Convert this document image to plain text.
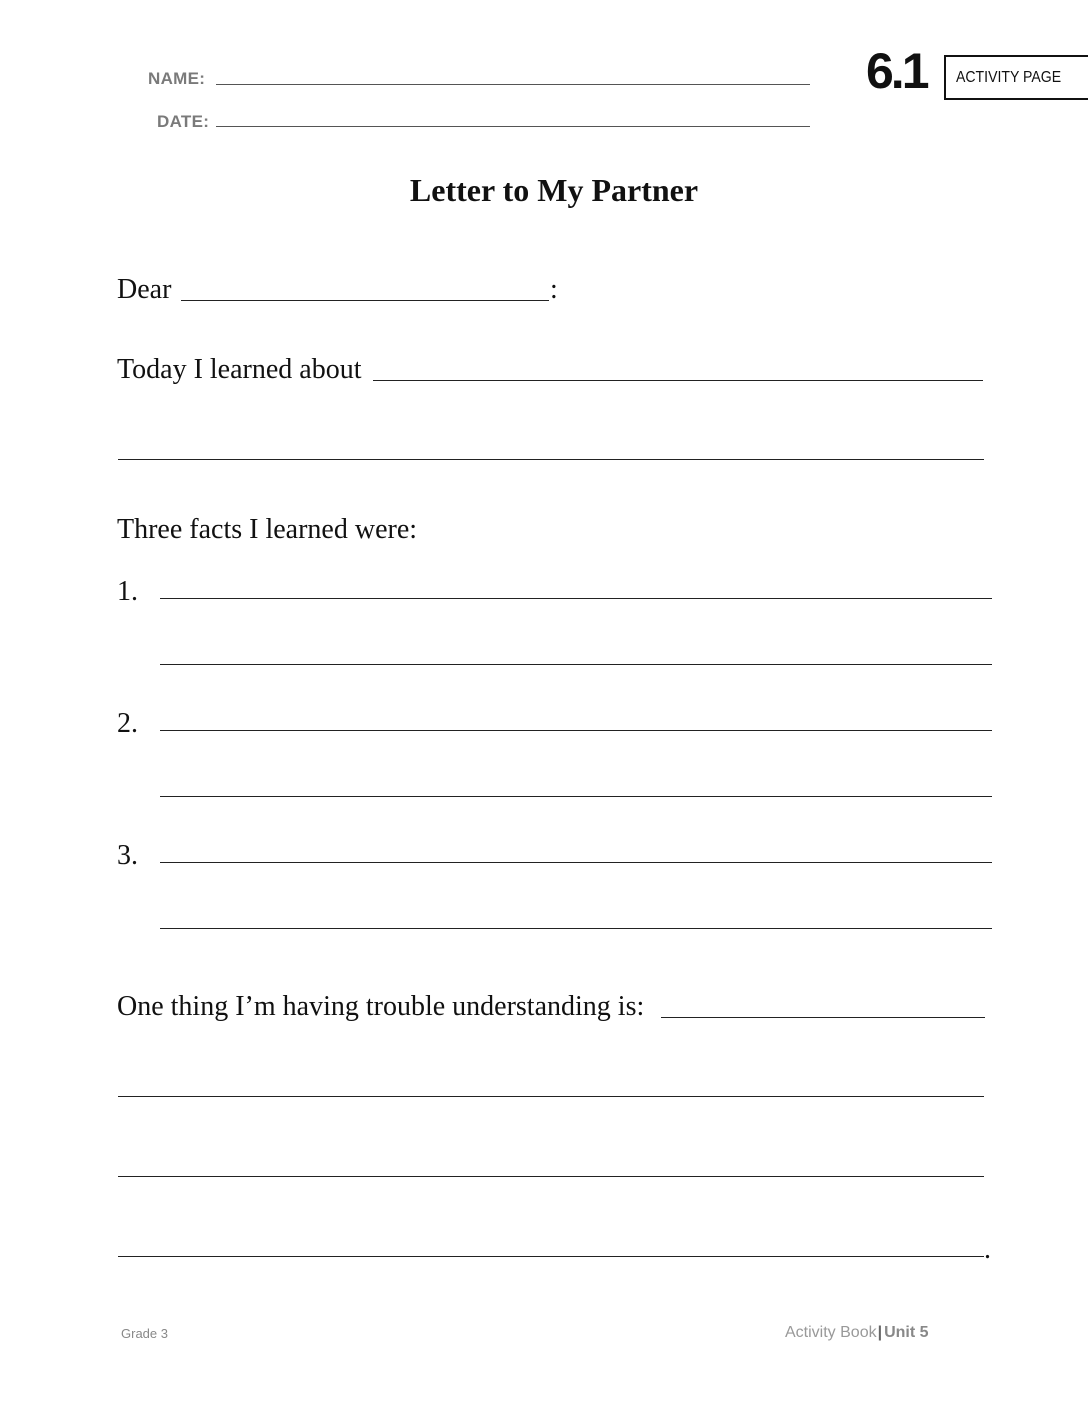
NAME:
DATE:
6.1 ACTIVITY PAGE
Letter to My Partner
Dear	:
Today I learned about
Three facts I learned were:
1.
2.
3.
One thing I’m having trouble understanding is:
.
Grade 3	Activity Book| Unit 5
